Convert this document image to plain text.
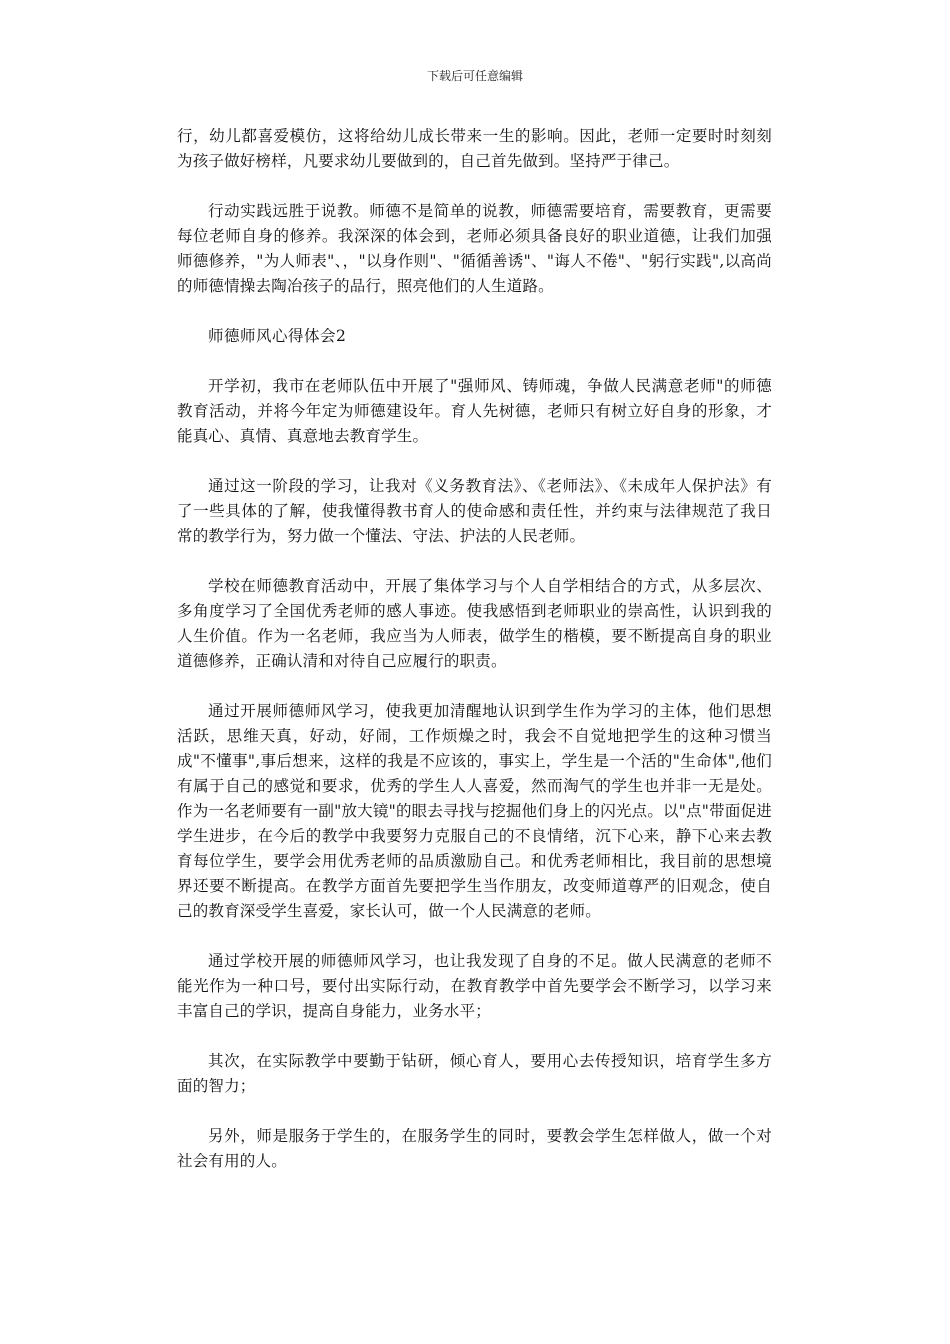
下载后可任意编辑

行，幼儿都喜爱模仿，这将给幼儿成长带来一生的影响。因此，老师一定要时时刻刻为孩子做好榜样，凡要求幼儿要做到的，自己首先做到。坚持严于律己。

行动实践远胜于说教。师德不是简单的说教，师德需要培育，需要教育，更需要每位老师自身的修养。我深深的体会到，老师必须具备良好的职业道德，让我们加强师德修养，"为人师表"、，"以身作则"、"循循善诱"、"诲人不倦"、"躬行实践",以高尚的师德情操去陶冶孩子的品行，照亮他们的人生道路。

师德师风心得体会2

开学初，我市在老师队伍中开展了"强师风、铸师魂，争做人民满意老师"的师德教育活动，并将今年定为师德建设年。育人先树德，老师只有树立好自身的形象，才能真心、真情、真意地去教育学生。

通过这一阶段的学习，让我对《义务教育法》、《老师法》、《未成年人保护法》有了一些具体的了解，使我懂得教书育人的使命感和责任性，并约束与法律规范了我日常的教学行为，努力做一个懂法、守法、护法的人民老师。

学校在师德教育活动中，开展了集体学习与个人自学相结合的方式，从多层次、多角度学习了全国优秀老师的感人事迹。使我感悟到老师职业的崇高性，认识到我的人生价值。作为一名老师，我应当为人师表，做学生的楷模，要不断提高自身的职业道德修养，正确认清和对待自己应履行的职责。

通过开展师德师风学习，使我更加清醒地认识到学生作为学习的主体，他们思想活跃，思维天真，好动，好闹，工作烦燥之时，我会不自觉地把学生的这种习惯当成"不懂事",事后想来，这样的我是不应该的，事实上，学生是一个活的"生命体",他们有属于自己的感觉和要求，优秀的学生人人喜爱，然而淘气的学生也并非一无是处。作为一名老师要有一副"放大镜"的眼去寻找与挖掘他们身上的闪光点。以"点"带面促进学生进步，在今后的教学中我要努力克服自己的不良情绪，沉下心来，静下心来去教育每位学生，要学会用优秀老师的品质激励自己。和优秀老师相比，我目前的思想境界还要不断提高。在教学方面首先要把学生当作朋友，改变师道尊严的旧观念，使自己的教育深受学生喜爱，家长认可，做一个人民满意的老师。

通过学校开展的师德师风学习，也让我发现了自身的不足。做人民满意的老师不能光作为一种口号，要付出实际行动，在教育教学中首先要学会不断学习，以学习来丰富自己的学识，提高自身能力，业务水平；

其次，在实际教学中要勤于钻研，倾心育人，要用心去传授知识，培育学生多方面的智力；

另外，师是服务于学生的，在服务学生的同时，要教会学生怎样做人，做一个对社会有用的人。
